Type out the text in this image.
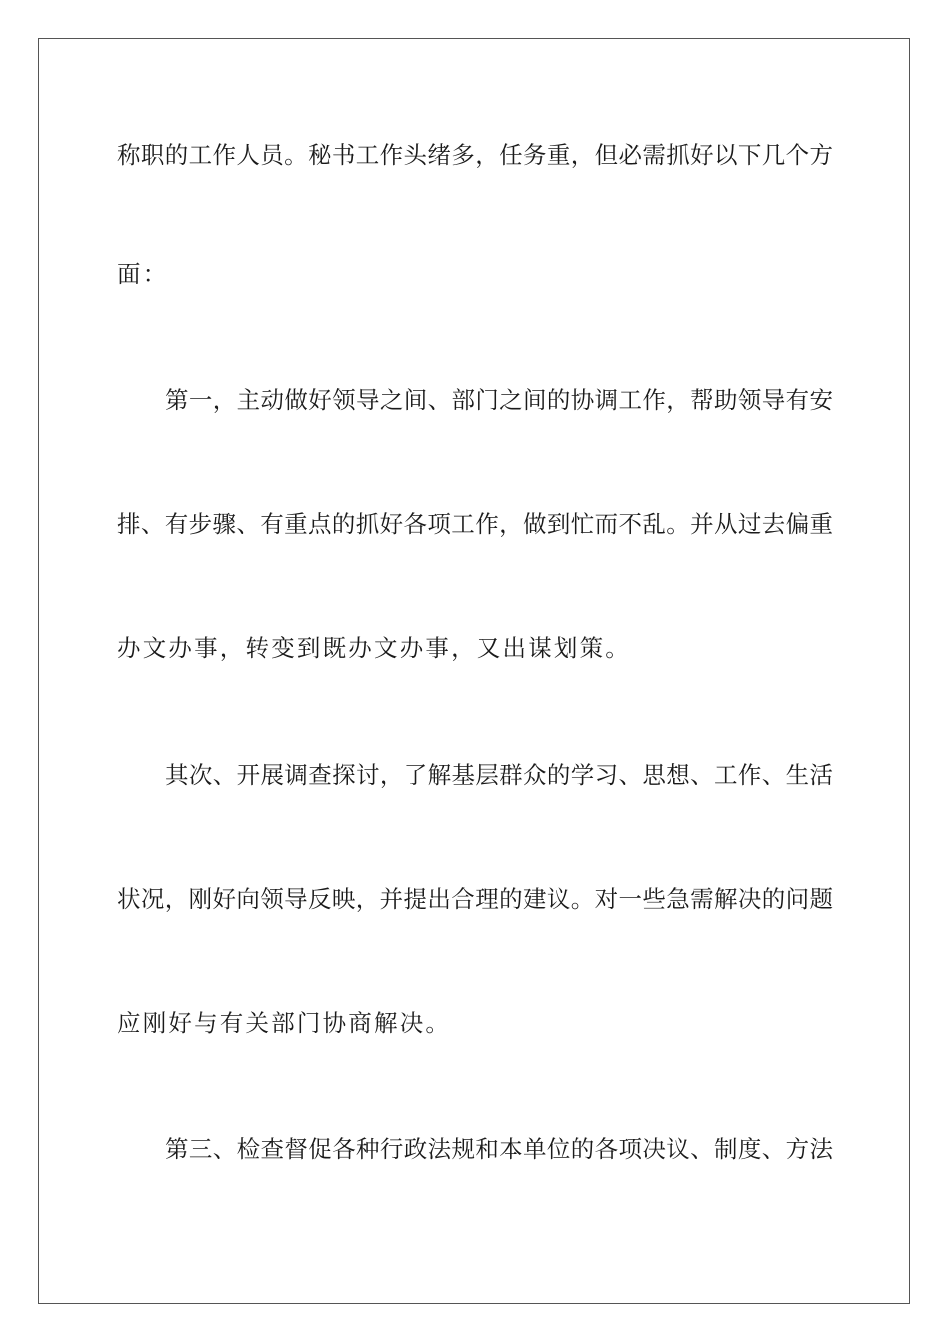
称职的工作人员。秘书工作头绪多，任务重，但必需抓好以下几个方
面：
第一，主动做好领导之间、部门之间的协调工作，帮助领导有安
排、有步骤、有重点的抓好各项工作，做到忙而不乱。并从过去偏重
办文办事，转变到既办文办事，又出谋划策。
其次、开展调查探讨，了解基层群众的学习、思想、工作、生活
状况，刚好向领导反映，并提出合理的建议。对一些急需解决的问题
应刚好与有关部门协商解决。
第三、检查督促各种行政法规和本单位的各项决议、制度、方法
